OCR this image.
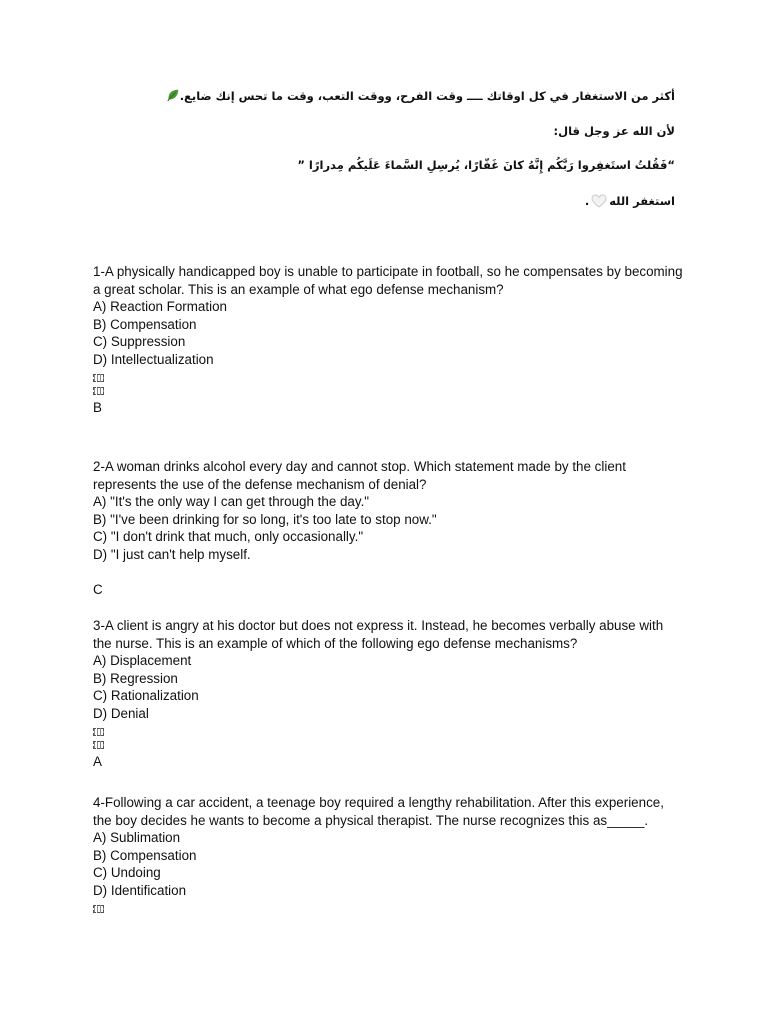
أكثر من الاستغفار في كل اوقاتك ــــ وقت الفرح، ووقت التعب، وقت ما تحس إنك ضايع.
لأن الله عز وجل قال:
“فَقُلتُ استَغفِروا رَبَّكُم إِنَّهُ كانَ غَفّارًا، يُرسِلِ السَّماءَ عَلَيكُم مِدرارًا ”
استغفر الله.

1-A physically handicapped boy is unable to participate in football, so he compensates by becoming a great scholar. This is an example of what ego defense mechanism?

A) Reaction Formation

B) Compensation

C) Suppression

D) Intellectualization

B

2-A woman drinks alcohol every day and cannot stop. Which statement made by the client represents the use of the defense mechanism of denial?

A) "It's the only way I can get through the day."

B) "I've been drinking for so long, it's too late to stop now."

C) "I don't drink that much, only occasionally."

D) "I just can't help myself.

C

3-A client is angry at his doctor but does not express it. Instead, he becomes verbally abuse with the nurse. This is an example of which of the following ego defense mechanisms?

A) Displacement

B) Regression

C) Rationalization

D) Denial

A

4-Following a car accident, a teenage boy required a lengthy rehabilitation. After this experience, the boy decides he wants to become a physical therapist. The nurse recognizes this as_____.

A) Sublimation

B) Compensation

C) Undoing

D) Identification
